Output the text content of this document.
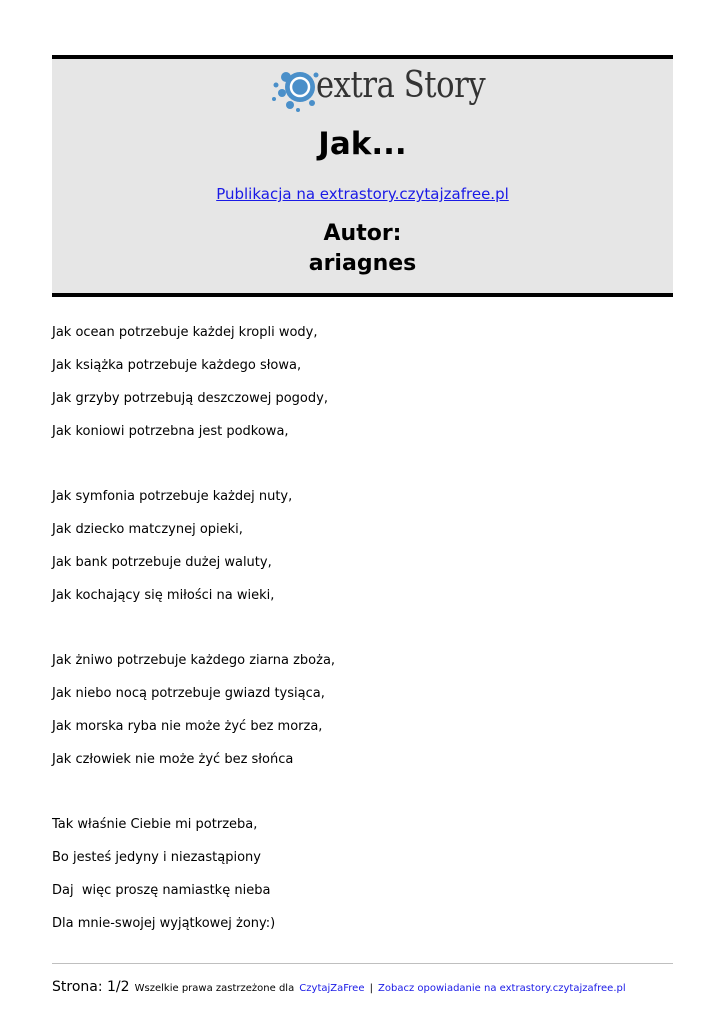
extra Story
Jak...
Publikacja na extrastory.czytajzafree.pl
Autor:
ariagnes
Jak ocean potrzebuje każdej kropli wody,
Jak książka potrzebuje każdego słowa,
Jak grzyby potrzebują deszczowej pogody,
Jak koniowi potrzebna jest podkowa,
Jak symfonia potrzebuje każdej nuty,
Jak dziecko matczynej opieki,
Jak bank potrzebuje dużej waluty,
Jak kochający się miłości na wieki,
Jak żniwo potrzebuje każdego ziarna zboża,
Jak niebo nocą potrzebuje gwiazd tysiąca,
Jak morska ryba nie może żyć bez morza,
Jak człowiek nie może żyć bez słońca
Tak właśnie Ciebie mi potrzeba,
Bo jesteś jedyny i niezastąpiony
Daj  więc proszę namiastkę nieba
Dla mnie-swojej wyjątkowej żony:)
Strona: 1/2 Wszelkie prawa zastrzeżone dla CzytajZaFree | Zobacz opowiadanie na extrastory.czytajzafree.pl
